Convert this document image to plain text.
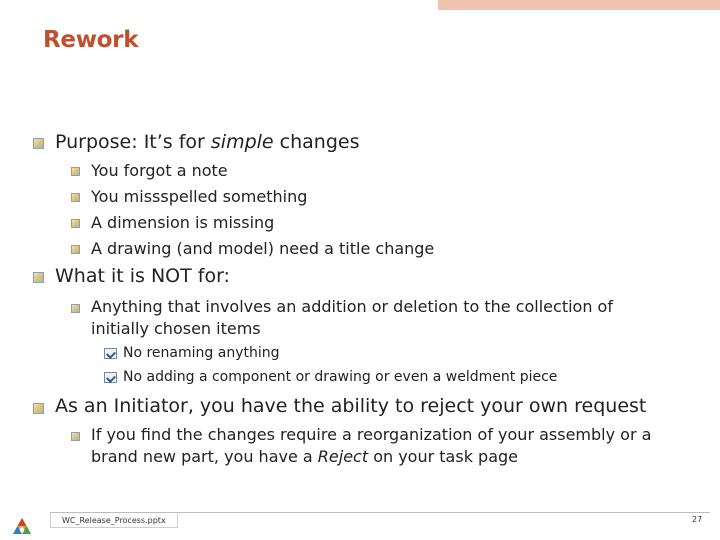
Rework
Purpose: It’s for simple changes
You forgot a note
You missspelled something
A dimension is missing
A drawing (and model) need a title change
What it is NOT for:
Anything that involves an addition or deletion to the collection of initially chosen items
No renaming anything
No adding a component or drawing or even a weldment piece
As an Initiator, you have the ability to reject your own request
If you find the changes require a reorganization of your assembly or a brand new part, you have a Reject on your task page
WC_Release_Process.pptx	27
